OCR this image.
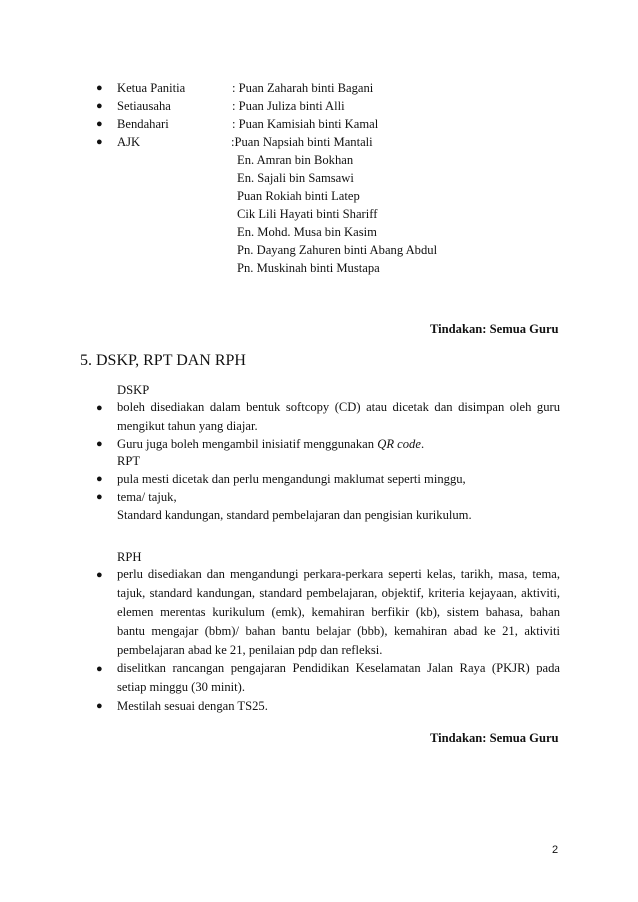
● Ketua Panitia	: Puan Zaharah binti Bagani
● Setiausaha	: Puan Juliza binti Alli
● Bendahari	: Puan Kamisiah binti Kamal
● AJK	:Puan Napsiah binti Mantali
En. Amran bin Bokhan
En. Sajali bin Samsawi
Puan Rokiah binti Latep
Cik Lili Hayati binti Shariff
En. Mohd. Musa bin Kasim
Pn. Dayang Zahuren binti Abang Abdul
Pn. Muskinah binti Mustapa
Tindakan: Semua Guru
5. DSKP, RPT DAN RPH
DSKP
● boleh disediakan dalam bentuk softcopy (CD) atau dicetak dan disimpan oleh guru
mengikut tahun yang diajar.
● Guru juga boleh mengambil inisiatif menggunakan QR code.
RPT
● pula mesti dicetak dan perlu mengandungi maklumat seperti minggu,
● tema/ tajuk,
Standard kandungan, standard pembelajaran dan pengisian kurikulum.
RPH
● perlu disediakan dan mengandungi perkara-perkara seperti kelas, tarikh, masa, tema,
tajuk, standard kandungan, standard pembelajaran, objektif, kriteria kejayaan, aktiviti,
elemen merentas kurikulum (emk), kemahiran berfikir (kb), sistem bahasa, bahan
bantu mengajar (bbm)/ bahan bantu belajar (bbb), kemahiran abad ke 21, aktiviti
pembelajaran abad ke 21, penilaian pdp dan refleksi.
● diselitkan rancangan pengajaran Pendidikan Keselamatan Jalan Raya (PKJR) pada
setiap minggu (30 minit).
● Mestilah sesuai dengan TS25.
Tindakan: Semua Guru
2
